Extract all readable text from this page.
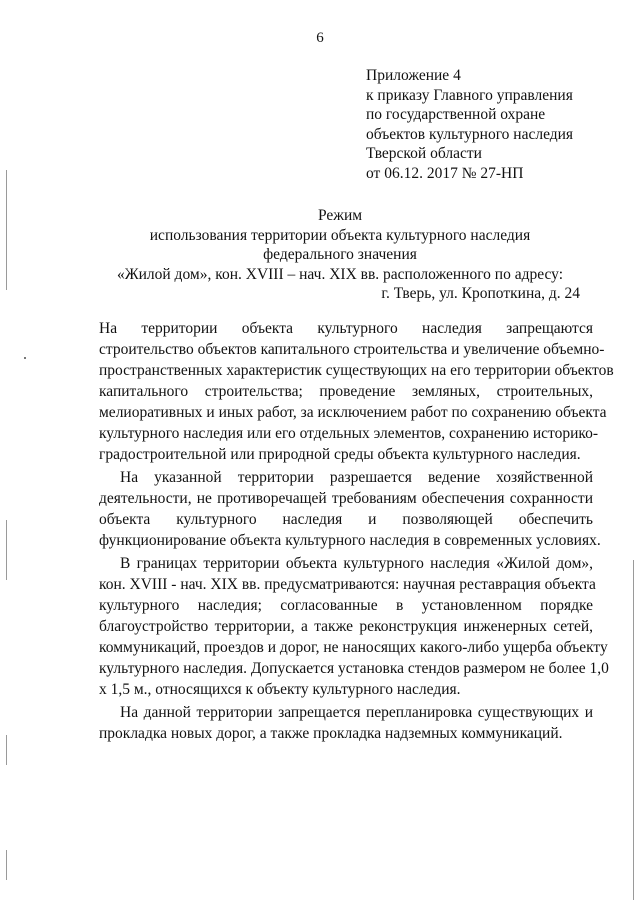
6
Приложение 4
к приказу Главного управления
по государственной охране
объектов культурного наследия
Тверской области
от 06.12. 2017 № 27-НП
Режим
использования территории объекта культурного наследия
федерального значения
«Жилой дом», кон. XVIII – нач. XIX вв. расположенного по адресу:
г. Тверь, ул. Кропоткина, д. 24
На территории объекта культурного наследия запрещаются
строительство объектов капитального строительства и увеличение объемно-
пространственных характеристик существующих на его территории объектов
капитального строительства; проведение земляных, строительных,
мелиоративных и иных работ, за исключением работ по сохранению объекта
культурного наследия или его отдельных элементов, сохранению историко-
градостроительной или природной среды объекта культурного наследия.
На указанной территории разрешается ведение хозяйственной
деятельности, не противоречащей требованиям обеспечения сохранности
объекта культурного наследия и позволяющей обеспечить
функционирование объекта культурного наследия в современных условиях.
В границах территории объекта культурного наследия «Жилой дом»,
кон. XVIII - нач. XIX вв. предусматриваются: научная реставрация объекта
культурного наследия; согласованные в установленном порядке
благоустройство территории, а также реконструкция инженерных сетей,
коммуникаций, проездов и дорог, не наносящих какого-либо ущерба объекту
культурного наследия. Допускается установка стендов размером не более 1,0
х 1,5 м., относящихся к объекту культурного наследия.
На данной территории запрещается перепланировка существующих и
прокладка новых дорог, а также прокладка надземных коммуникаций.
